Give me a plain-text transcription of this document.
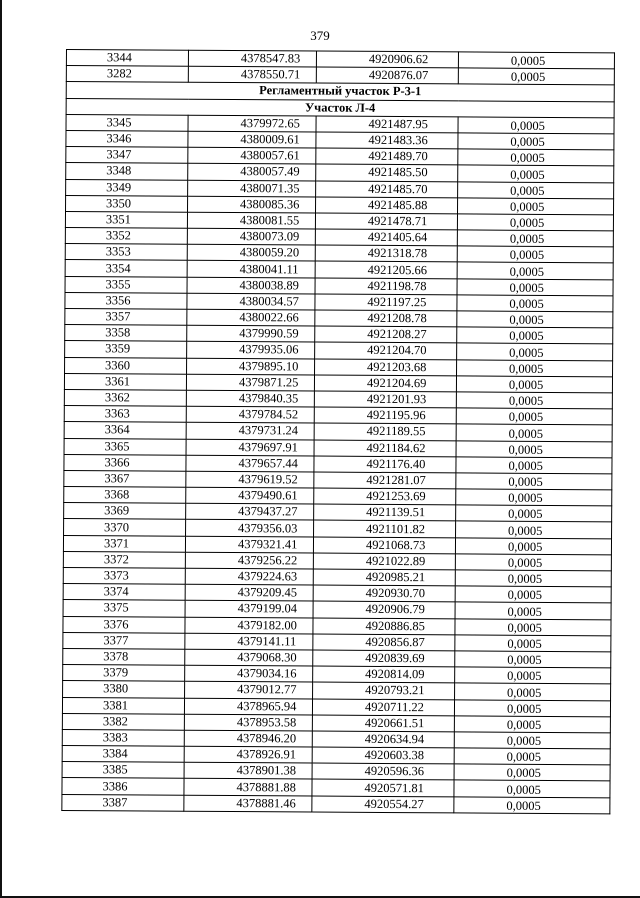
379
3344	4378547.83	4920906.62	0,0005
3282	4378550.71	4920876.07	0,0005
Регламентный участок Р-3-1			
Участок Л-4			
3345	4379972.65	4921487.95	0,0005
3346	4380009.61	4921483.36	0,0005
3347	4380057.61	4921489.70	0,0005
3348	4380057.49	4921485.50	0,0005
3349	4380071.35	4921485.70	0,0005
3350	4380085.36	4921485.88	0,0005
3351	4380081.55	4921478.71	0,0005
3352	4380073.09	4921405.64	0,0005
3353	4380059.20	4921318.78	0,0005
3354	4380041.11	4921205.66	0,0005
3355	4380038.89	4921198.78	0,0005
3356	4380034.57	4921197.25	0,0005
3357	4380022.66	4921208.78	0,0005
3358	4379990.59	4921208.27	0,0005
3359	4379935.06	4921204.70	0,0005
3360	4379895.10	4921203.68	0,0005
3361	4379871.25	4921204.69	0,0005
3362	4379840.35	4921201.93	0,0005
3363	4379784.52	4921195.96	0,0005
3364	4379731.24	4921189.55	0,0005
3365	4379697.91	4921184.62	0,0005
3366	4379657.44	4921176.40	0,0005
3367	4379619.52	4921281.07	0,0005
3368	4379490.61	4921253.69	0,0005
3369	4379437.27	4921139.51	0,0005
3370	4379356.03	4921101.82	0,0005
3371	4379321.41	4921068.73	0,0005
3372	4379256.22	4921022.89	0,0005
3373	4379224.63	4920985.21	0,0005
3374	4379209.45	4920930.70	0,0005
3375	4379199.04	4920906.79	0,0005
3376	4379182.00	4920886.85	0,0005
3377	4379141.11	4920856.87	0,0005
3378	4379068.30	4920839.69	0,0005
3379	4379034.16	4920814.09	0,0005
3380	4379012.77	4920793.21	0,0005
3381	4378965.94	4920711.22	0,0005
3382	4378953.58	4920661.51	0,0005
3383	4378946.20	4920634.94	0,0005
3384	4378926.91	4920603.38	0,0005
3385	4378901.38	4920596.36	0,0005
3386	4378881.88	4920571.81	0,0005
3387	4378881.46	4920554.27	0,0005
